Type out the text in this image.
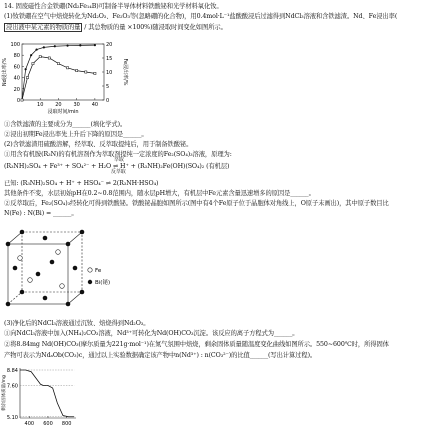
14. 固废磁性合金铁硼(Nd₂Fe₁₄B)可制备半导体材料铁酸铋和光学材料氧化钕。
(1)钕铁硼在空气中焙烧转化为Nd₂O₃、Fe₂O₃等(忽略硼的化合物)，用0.4mol·L⁻¹盐酸酸浸后过滤得到NdCl₃溶液和含铁滤渣。Nd、Fe浸出率(
浸出液中某元素的物质的量 / 其总物质的量 ×100%)随浸取时间变化如图所示。
0
20
40
60
80
100
0
5
10
15
20
10 20 30 40
浸取时间/min
Nd浸出率/%	Fe浸出率/%
①含铁滤渣的主要成分为______(填化学式)。
②浸出初期Fe浸出率先上升后下降的原因是______。
(2)含铁滤渣用硫酸溶解，经萃取、反萃取提纯后，用于制备铁酸铋。
①用含有机胺(R₃N)的有机溶剂作为萃取剂提纯一定浓度的Fe₂(SO₄)₃溶液，原理为:
(R₃NH)₂SO₄ + Fe³⁺ + SO₄²⁻ + H₂O ⇌ H⁺ + (R₃NH)₂Fe(OH)(SO₄)₂ (有机层)
萃取
反萃取
已知: (R₃NH)₂SO₄ + H⁺ + HSO₄⁻ ⇌ 2(R₃NH·HSO₄)
其他条件不变，水层初始pH在0.2~0.8范围内，随水层pH增大，有机层中Fe元素含量迅速增多的原因是______。
②反萃取后，Fe₂(SO₄)₃经转化可得到铁酸铋。铁酸铋晶胞如图所示(图中有4个Fe原子位于晶胞体对角线上，O原子未画出)，其中原子数目比
N(Fe) : N(Bi) = ______。
Fe
Bi(铋)
(3)净化后的NdCl₃溶液通过沉钕、焙烧得到Nd₂O₃。
①向NdCl₃溶液中加入(NH₄)₂CO₃溶液，Nd³⁺可转化为Nd(OH)CO₃沉淀。该反应的离子方程式为______。
②将8.84mg Nd(OH)CO₃(摩尔质量为221g·mol⁻¹)在氮气氛围中焙烧，剩余固体质量随温度变化曲线如图所示。550~600℃时，所得固体
产物可表示为NdₐOb(CO₃)c，通过以上实验数据确定该产物中n(Nd³⁺) : n(CO₃²⁻)的比值______(写出计算过程)。
5.10
7.60
8.84
400 600 800
剩余固体质量/mg
